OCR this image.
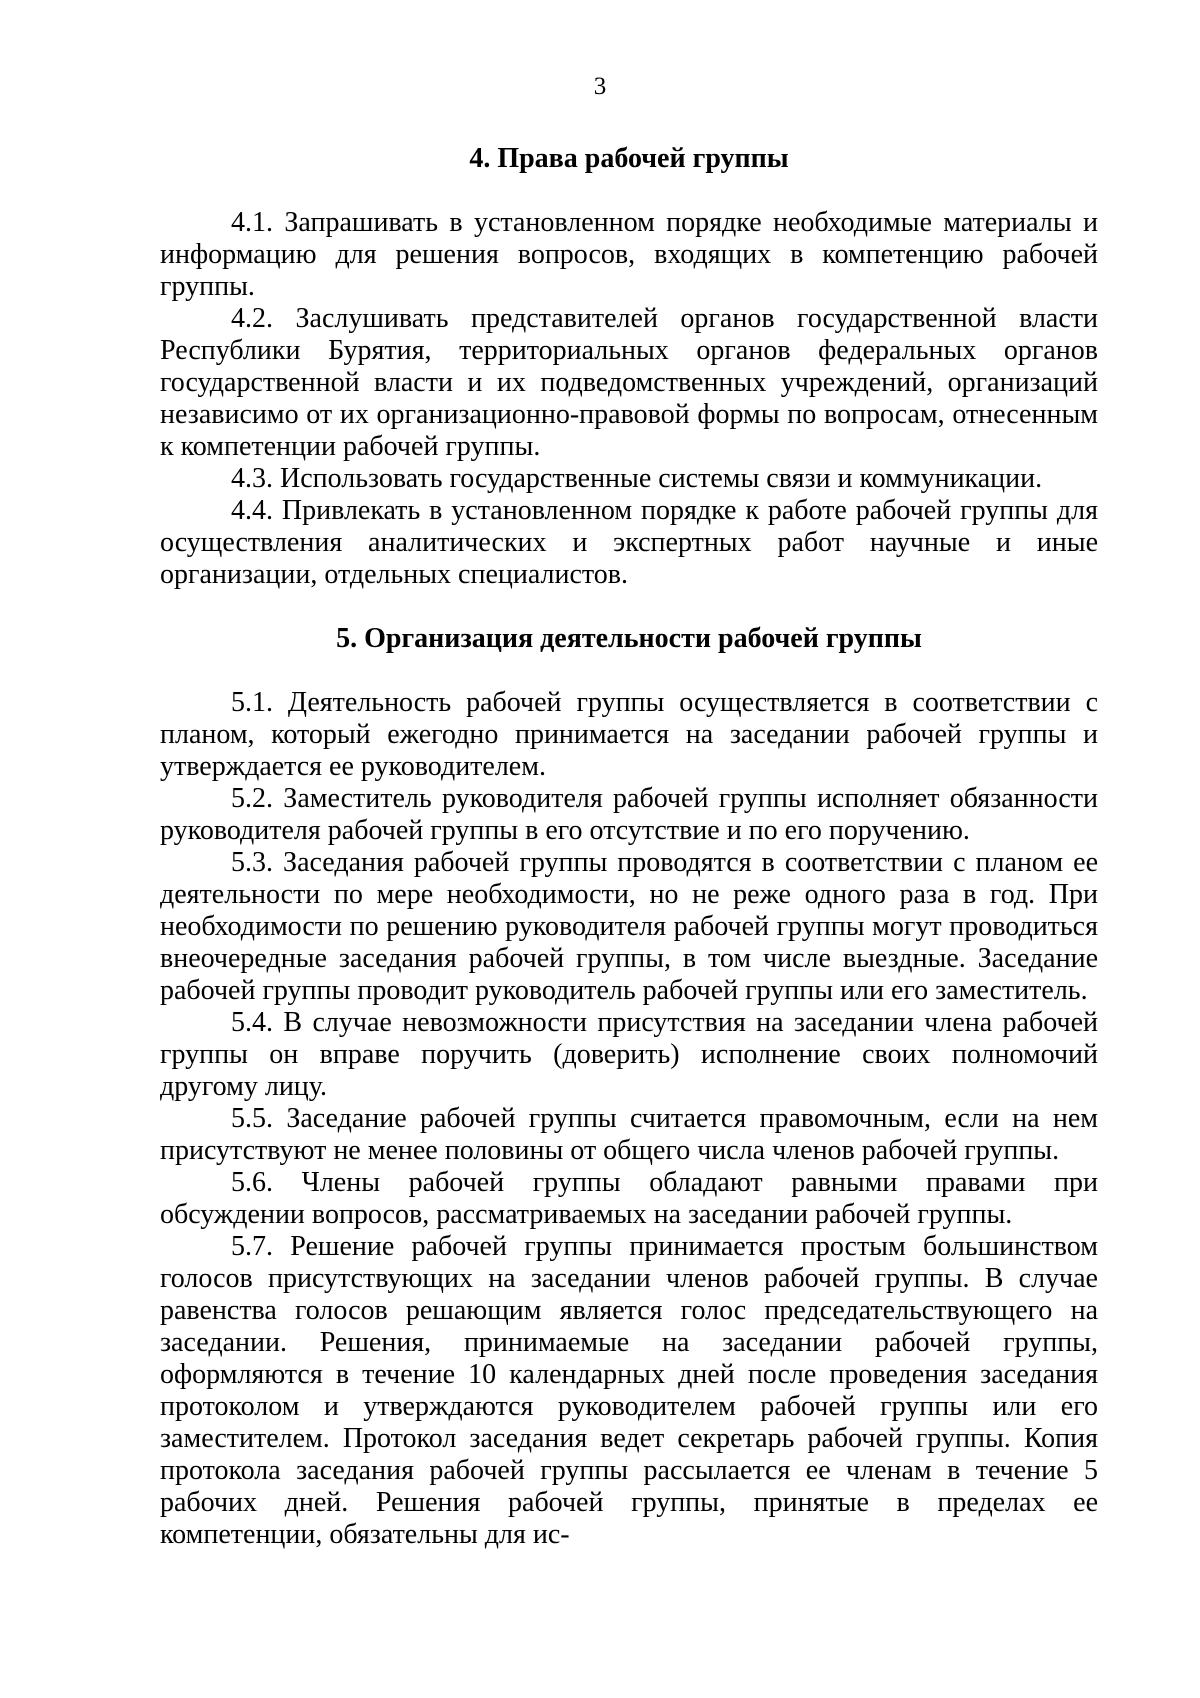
3
4. Права рабочей группы

4.1. Запрашивать в установленном порядке необходимые материалы и информацию для решения вопросов, входящих в компетенцию рабочей группы.

4.2. Заслушивать представителей органов государственной власти Республики Бурятия, территориальных органов федеральных органов государственной власти и их подведомственных учреждений, организаций независимо от их организационно-правовой формы по вопросам, отнесенным к компетенции рабочей группы.

4.3. Использовать государственные системы связи и коммуникации.

4.4. Привлекать в установленном порядке к работе рабочей группы для осуществления аналитических и экспертных работ научные и иные организации, отдельных специалистов.

5. Организация деятельности рабочей группы

5.1. Деятельность рабочей группы осуществляется в соответствии с планом, который ежегодно принимается на заседании рабочей группы и утверждается ее руководителем.

5.2. Заместитель руководителя рабочей группы исполняет обязанности руководителя рабочей группы в его отсутствие и по его поручению.

5.3. Заседания рабочей группы проводятся в соответствии с планом ее деятельности по мере необходимости, но не реже одного раза в год. При необходимости по решению руководителя рабочей группы могут проводиться внеочередные заседания рабочей группы, в том числе выездные. Заседание рабочей группы проводит руководитель рабочей группы или его заместитель.

5.4. В случае невозможности присутствия на заседании члена рабочей группы он вправе поручить (доверить) исполнение своих полномочий другому лицу.

5.5. Заседание рабочей группы считается правомочным, если на нем присутствуют не менее половины от общего числа членов рабочей группы.

5.6. Члены рабочей группы обладают равными правами при обсуждении вопросов, рассматриваемых на заседании рабочей группы.

5.7. Решение рабочей группы принимается простым большинством голосов присутствующих на заседании членов рабочей группы. В случае равенства голосов решающим является голос председательствующего на заседании. Решения, принимаемые на заседании рабочей группы, оформляются в течение 10 календарных дней после проведения заседания протоколом и утверждаются руководителем рабочей группы или его заместителем. Протокол заседания ведет секретарь рабочей группы. Копия протокола заседания рабочей группы рассылается ее членам в течение 5 рабочих дней. Решения рабочей группы, принятые в пределах ее компетенции, обязательны для ис-
